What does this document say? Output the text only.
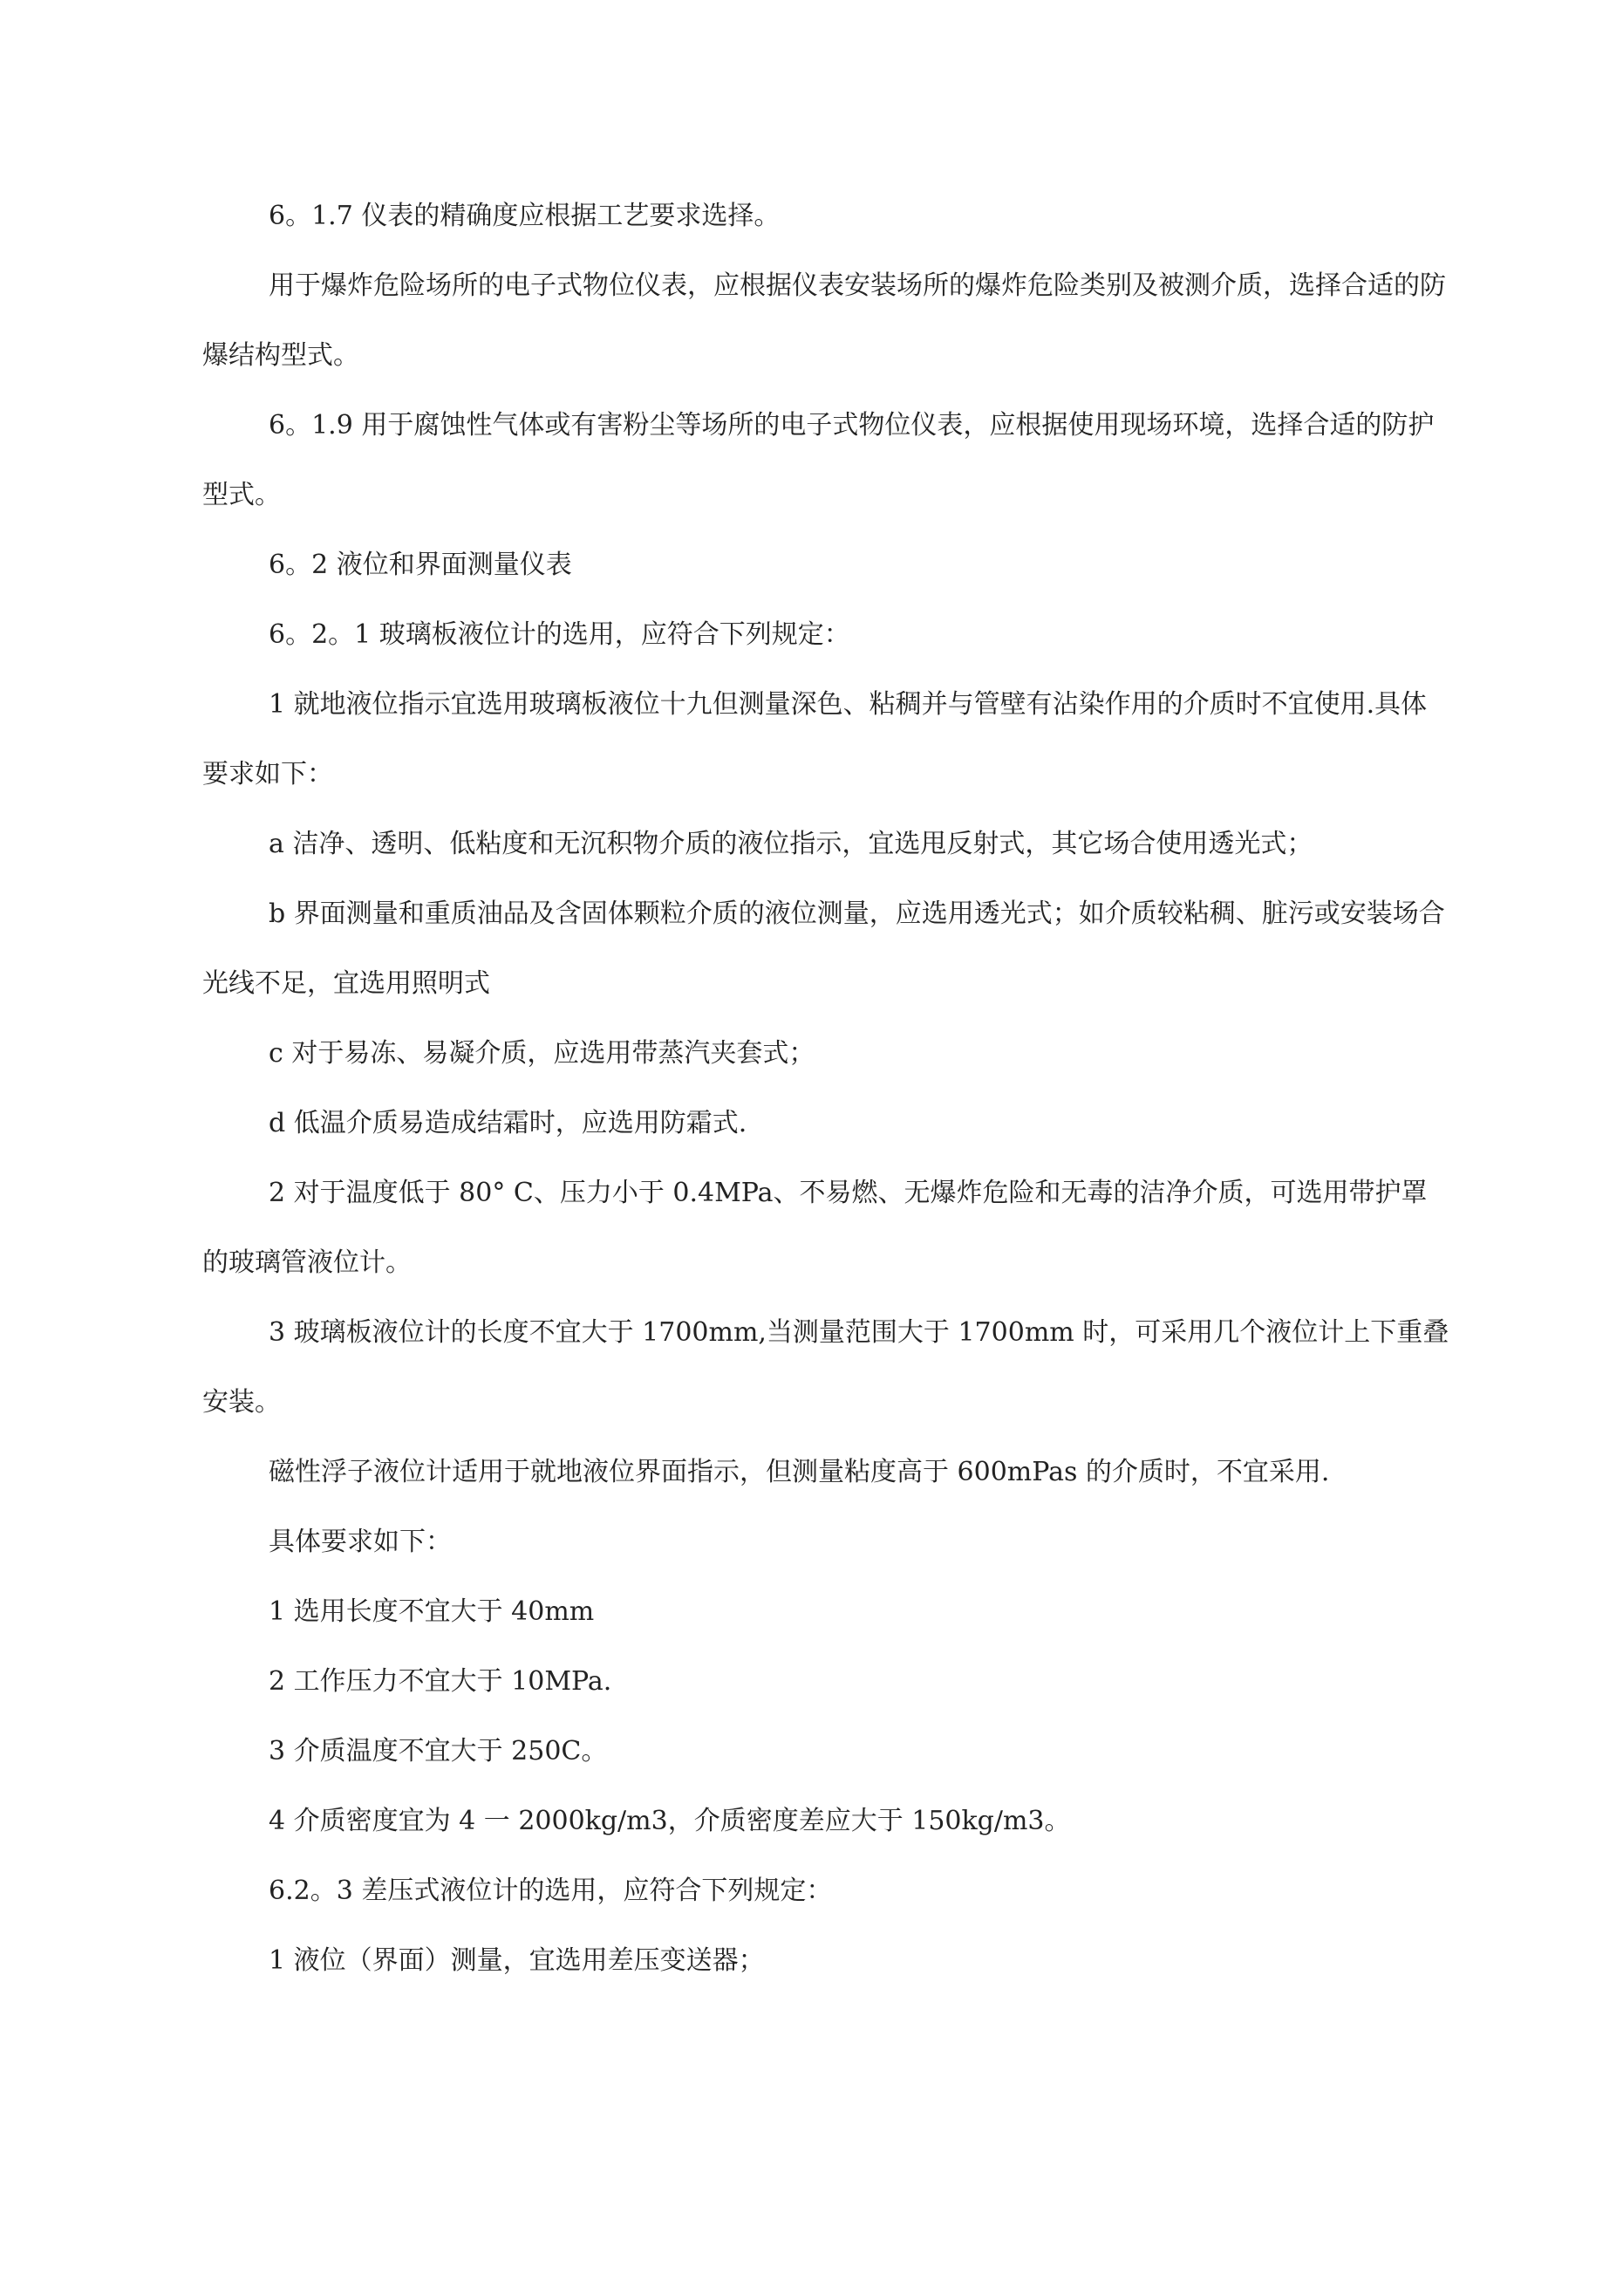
6。1.7 仪表的精确度应根据工艺要求选择。

用于爆炸危险场所的电子式物位仪表，应根据仪表安装场所的爆炸危险类别及被测介质，选择合适的防爆结构型式。

6。1.9 用于腐蚀性气体或有害粉尘等场所的电子式物位仪表，应根据使用现场环境，选择合适的防护型式。

6。2 液位和界面测量仪表

6。2。1 玻璃板液位计的选用，应符合下列规定：

1 就地液位指示宜选用玻璃板液位十九但测量深色、粘稠并与管壁有沾染作用的介质时不宜使用.具体要求如下：

a 洁净、透明、低粘度和无沉积物介质的液位指示，宜选甩反射式，其它场合使用透光式；

b 界面测量和重质油品及含固体颗粒介质的液位测量，应选用透光式；如介质较粘稠、脏污或安装场合光线不足，宜选用照明式

c 对于易冻、易凝介质，应选用带蒸汽夹套式；

d 低温介质易造成结霜时，应选用防霜式.

2 对于温度低于 80° C、压力小于 0.4MPa、不易燃、无爆炸危险和无毒的洁净介质，可选用带护罩的玻璃管液位计。

3 玻璃板液位计的长度不宜大于 1700mm,当测量范围大于 1700mm 时，可采用几个液位计上下重叠安装。

磁性浮子液位计适用于就地液位界面指示，但测量粘度高于 600mPas 的介质时，不宜采用.

具体要求如下：

1 选用长度不宜大于 40mm

2 工作压力不宜大于 10MPa.

3 介质温度不宜大于 250C。

4 介质密度宜为 4 一 2000kg/m3，介质密度差应大于 150kg/m3。

6.2。3 差压式液位计的选用，应符合下列规定：

1 液位（界面）测量，宜选用差压变送器；
